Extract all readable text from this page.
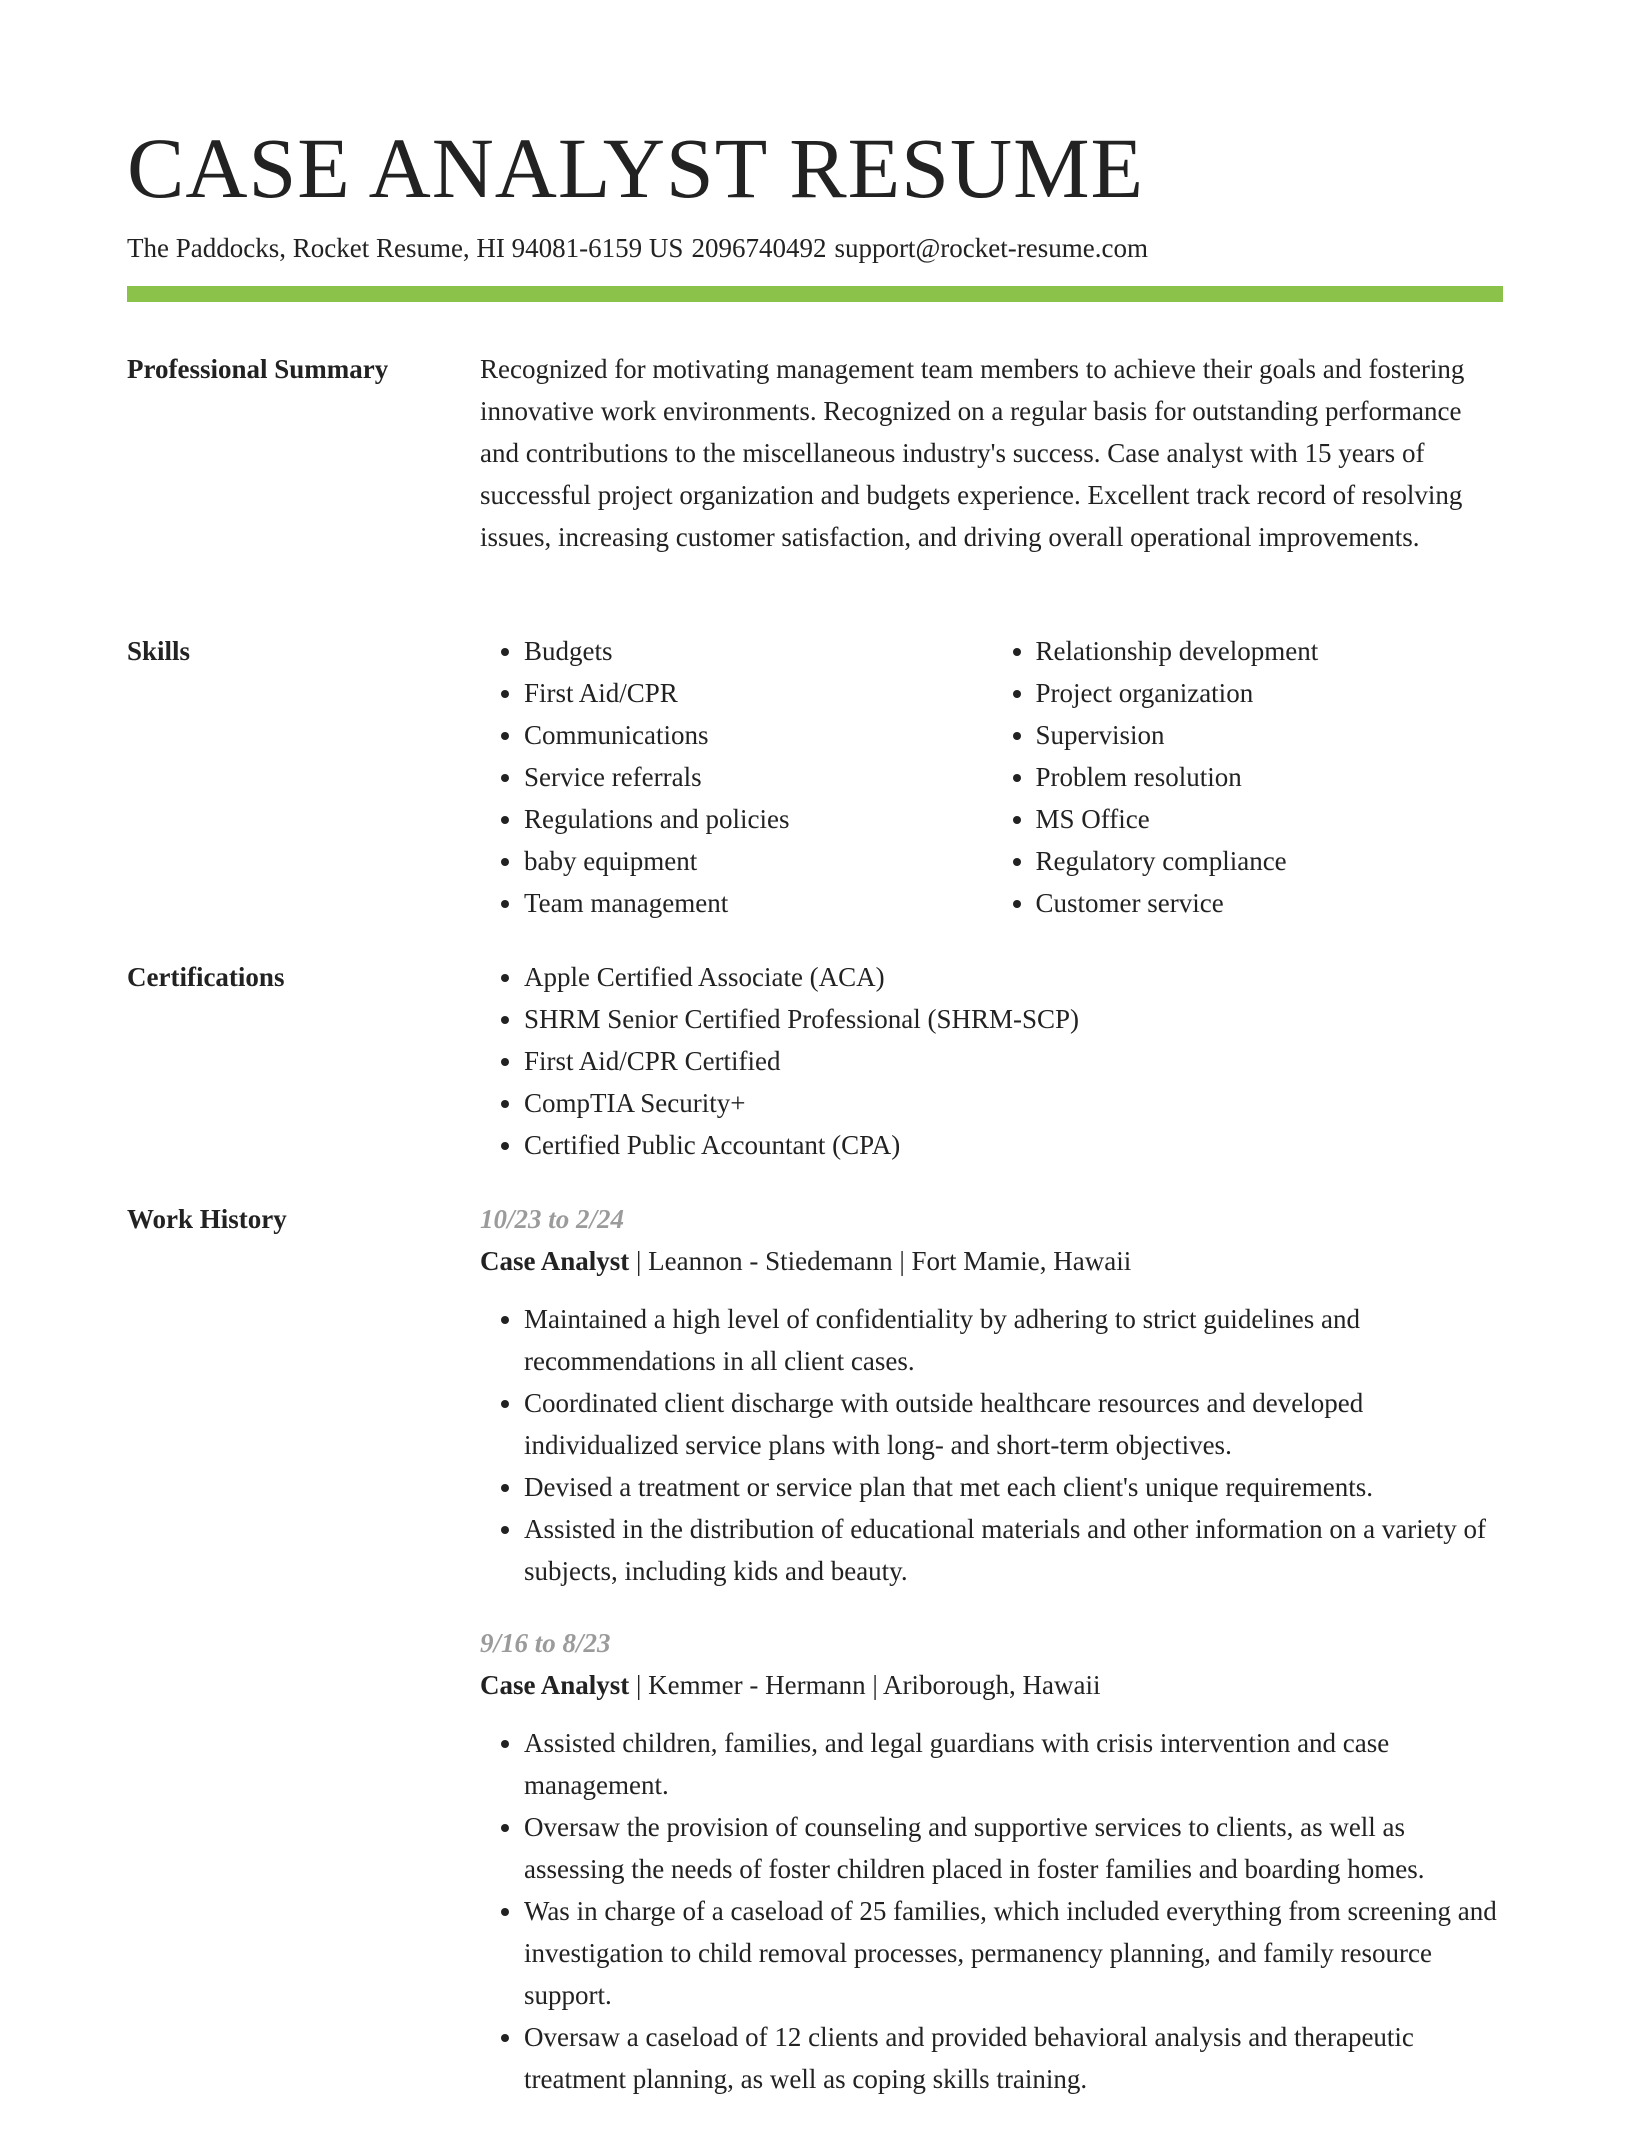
CASE ANALYST RESUME
The Paddocks, Rocket Resume, HI 94081-6159 US 2096740492 support@rocket-resume.com
Professional Summary	Recognized for motivating management team members to achieve their goals and fostering innovative work environments. Recognized on a regular basis for outstanding performance and contributions to the miscellaneous industry's success. Case analyst with 15 years of successful project organization and budgets experience. Excellent track record of resolving issues, increasing customer satisfaction, and driving overall operational improvements.

Skills	• Budgets
• First Aid/CPR
• Communications
• Service referrals
• Regulations and policies
• baby equipment
• Team management
• Relationship development
• Project organization
• Supervision
• Problem resolution
• MS Office
• Regulatory compliance
• Customer service
Certifications	• Apple Certified Associate (ACA)
• SHRM Senior Certified Professional (SHRM-SCP)
• First Aid/CPR Certified
• CompTIA Security+
• Certified Public Accountant (CPA)
Work History	10/23 to 2/24
Case Analyst | Leannon - Stiedemann | Fort Mamie, Hawaii
• Maintained a high level of confidentiality by adhering to strict guidelines and recommendations in all client cases.
• Coordinated client discharge with outside healthcare resources and developed individualized service plans with long- and short-term objectives.
• Devised a treatment or service plan that met each client's unique requirements.
• Assisted in the distribution of educational materials and other information on a variety of subjects, including kids and beauty.
9/16 to 8/23
Case Analyst | Kemmer - Hermann | Ariborough, Hawaii
• Assisted children, families, and legal guardians with crisis intervention and case management.
• Oversaw the provision of counseling and supportive services to clients, as well as assessing the needs of foster children placed in foster families and boarding homes.
• Was in charge of a caseload of 25 families, which included everything from screening and investigation to child removal processes, permanency planning, and family resource support.
• Oversaw a caseload of 12 clients and provided behavioral analysis and therapeutic treatment planning, as well as coping skills training.
